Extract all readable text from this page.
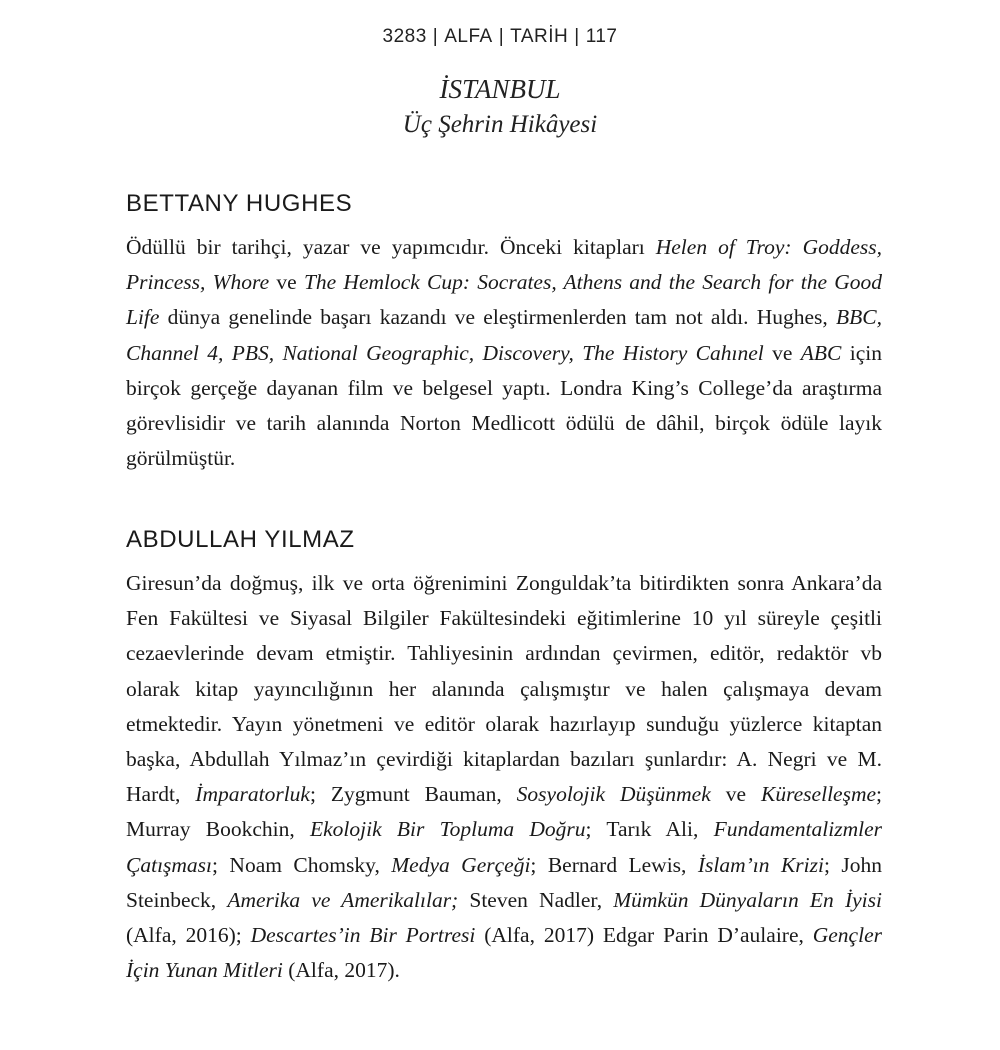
3283 | ALFA | TARİH | 117
İSTANBUL
Üç Şehrin Hikâyesi
BETTANY HUGHES
Ödüllü bir tarihçi, yazar ve yapımcıdır. Önceki kitapları Helen of Troy: Goddess, Princess, Whore ve The Hemlock Cup: Socrates, Athens and the Search for the Good Life dünya genelinde başarı kazandı ve eleştirmenlerden tam not aldı. Hughes, BBC, Channel 4, PBS, National Geographic, Discovery, The History Cahınel ve ABC için birçok gerçeğe dayanan film ve belgesel yaptı. Londra King’s College’da araştırma görevlisidir ve tarih alanında Norton Medlicott ödülü de dâhil, birçok ödüle layık görülmüştür.
ABDULLAH YILMAZ
Giresun’da doğmuş, ilk ve orta öğrenimini Zonguldak’ta bitirdikten sonra Ankara’da Fen Fakültesi ve Siyasal Bilgiler Fakültesindeki eğitimlerine 10 yıl süreyle çeşitli cezaevlerinde devam etmiştir. Tahliyesinin ardından çevirmen, editör, redaktör vb olarak kitap yayıncılığının her alanında çalışmıştır ve halen çalışmaya devam etmektedir. Yayın yönetmeni ve editör olarak hazırlayıp sunduğu yüzlerce kitaptan başka, Abdullah Yılmaz’ın çevirdiği kitaplardan bazıları şunlardır: A. Negri ve M. Hardt, İmparatorluk; Zygmunt Bauman, Sosyolojik Düşünmek ve Küreselleşme; Murray Bookchin, Ekolojik Bir Topluma Doğru; Tarık Ali, Fundamentalizmler Çatışması; Noam Chomsky, Medya Gerçeği; Bernard Lewis, İslam’ın Krizi; John Steinbeck, Amerika ve Amerikalılar; Steven Nadler, Mümkün Dünyaların En İyisi (Alfa, 2016); Descartes’in Bir Portresi (Alfa, 2017) Edgar Parin D’aulaire, Gençler İçin Yunan Mitleri (Alfa, 2017).
